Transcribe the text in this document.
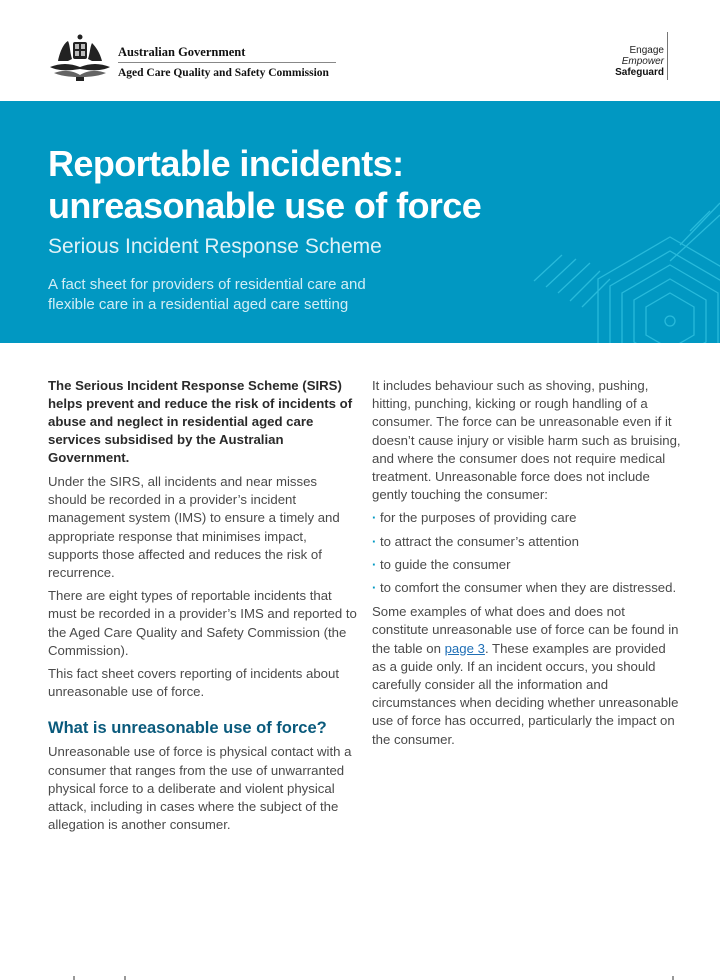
Australian Government
Aged Care Quality and Safety Commission
Engage
Empower
Safeguard
Reportable incidents:
unreasonable use of force
Serious Incident Response Scheme
A fact sheet for providers of residential care and
flexible care in a residential aged care setting

The Serious Incident Response Scheme (SIRS) helps prevent and reduce the risk of incidents of abuse and neglect in residential aged care services subsidised by the Australian Government.

Under the SIRS, all incidents and near misses should be recorded in a provider’s incident management system (IMS) to ensure a timely and appropriate response that minimises impact, supports those affected and reduces the risk of recurrence.

There are eight types of reportable incidents that must be recorded in a provider’s IMS and reported to the Aged Care Quality and Safety Commission (the Commission).

This fact sheet covers reporting of incidents about unreasonable use of force.

What is unreasonable use of force?

Unreasonable use of force is physical contact with a consumer that ranges from the use of unwarranted physical force to a deliberate and violent physical attack, including in cases where the subject of the allegation is another consumer.

It includes behaviour such as shoving, pushing, hitting, punching, kicking or rough handling of a consumer. The force can be unreasonable even if it doesn’t cause injury or visible harm such as bruising, and where the consumer does not require medical treatment. Unreasonable force does not include gently touching the consumer:

· for the purposes of providing care
· to attract the consumer’s attention
· to guide the consumer
· to comfort the consumer when they are distressed.

Some examples of what does and does not constitute unreasonable use of force can be found in the table on page 3. These examples are provided as a guide only. If an incident occurs, you should carefully consider all the information and circumstances when deciding whether unreasonable use of force has occurred, particularly the impact on the consumer.
